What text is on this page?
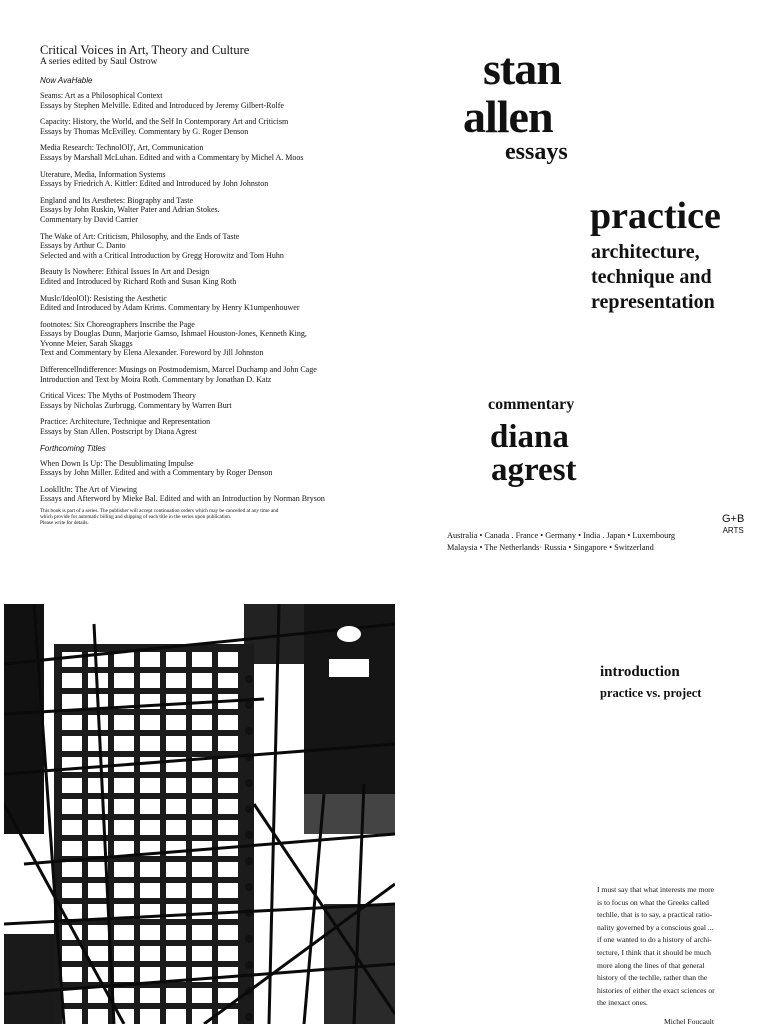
Critical Voices in Art, Theory and Culture
A series edited by Saul Ostrow
Now AvaHable
Seams: Art as a Philosophical Context
Essays by Stephen Melville. Edited and Introduced by Jeremy Gilbert-Rolfe
Capacity: History, the World, and the Self In Contemporary Art and Criticism
Essays by Thomas McEvilley. Commentary by G. Roger Denson
Media Research: TechnolOl)', Art, Communication
Essays by Marshall McLuhan. Edited and with a Commentary by Michel A. Moos
Uterature, Media, Information Systems
Essays by Friedrich A. Kittler: Edited and Introduced by John Johnston
England and Its Aesthetes: Biography and Taste
Essays by John Ruskin, Walter Pater and Adrian Stokes.
Commentary by David Carrier
The Wake of Art: Criticism, Philosophy, and the Ends of Taste
Essays by Arthur C. Danto
Selected and with a Critical Introduction by Gregg Horowitz and Tom Huhn
Beauty Is Nowhere: Ethical Issues In Art and Design
Edited and Introduced by Richard Roth and Susan King Roth
Muslc/IdeolOl): Resisting the Aesthetic
Edited and Introduced by Adam Krims. Commentary by Henry K1umpenhouwer
footnotes: Six Choreographers Inscribe the Page
Essays by Douglas Dunn, Marjorie Gamso, Ishmael Houston-Jones, Kenneth King,
Yvonne Meier, Sarah Skaggs
Text and Commentary by Elena Alexander. Foreword by Jill Johnston
Differencellndifference: Musings on Postmodemism, Marcel Duchamp and John Cage
Introduction and Text by Moira Roth. Commentary by Jonathan D. Katz
Critical Vices: The Myths of Postmodem Theory
Essays by Nicholas Zurbrugg. Commentary by Warren Burt
Practice: Architecture, Technique and Representation
Essays by Stan Allen. Postscript by Diana Agrest
Forthcoming Titles
When Down Is Up: The Desublimating Impulse
Essays by John Miller. Edited and with a Commentary by Roger Denson
LooklltJn: The Art of Viewing
Essays and Afterword by Mieke Bal. Edited and with an Introduction by Norman Bryson
This book is part of a series. The publisher will accept continuation orders which may be cancelled at any time and
which provide for automatic billing and shipping of each title in the series upon publication.
Please write for details.
stan
allen
essays
practice
architecture,
technique and
representation
commentary
diana
agrest
G+B
ARTS
Australia • Canada . France • Germany • India . Japan • Luxembourg
Malaysia • The Netherlands· Russia • Singapore • Switzerland
introduction
practice vs. project
I must say that what interests me more
is to focus on what the Greeks called
techlle, that is to say, a practical ratio-
nality governed by a conscious goal ...
if one wanted to do a history of archi-
tecture, I think that it should be much
more along the lines of that general
history of the techlle, rather than the
histories of either the exact sciences or
the inexact ones.
Michel Foucault
